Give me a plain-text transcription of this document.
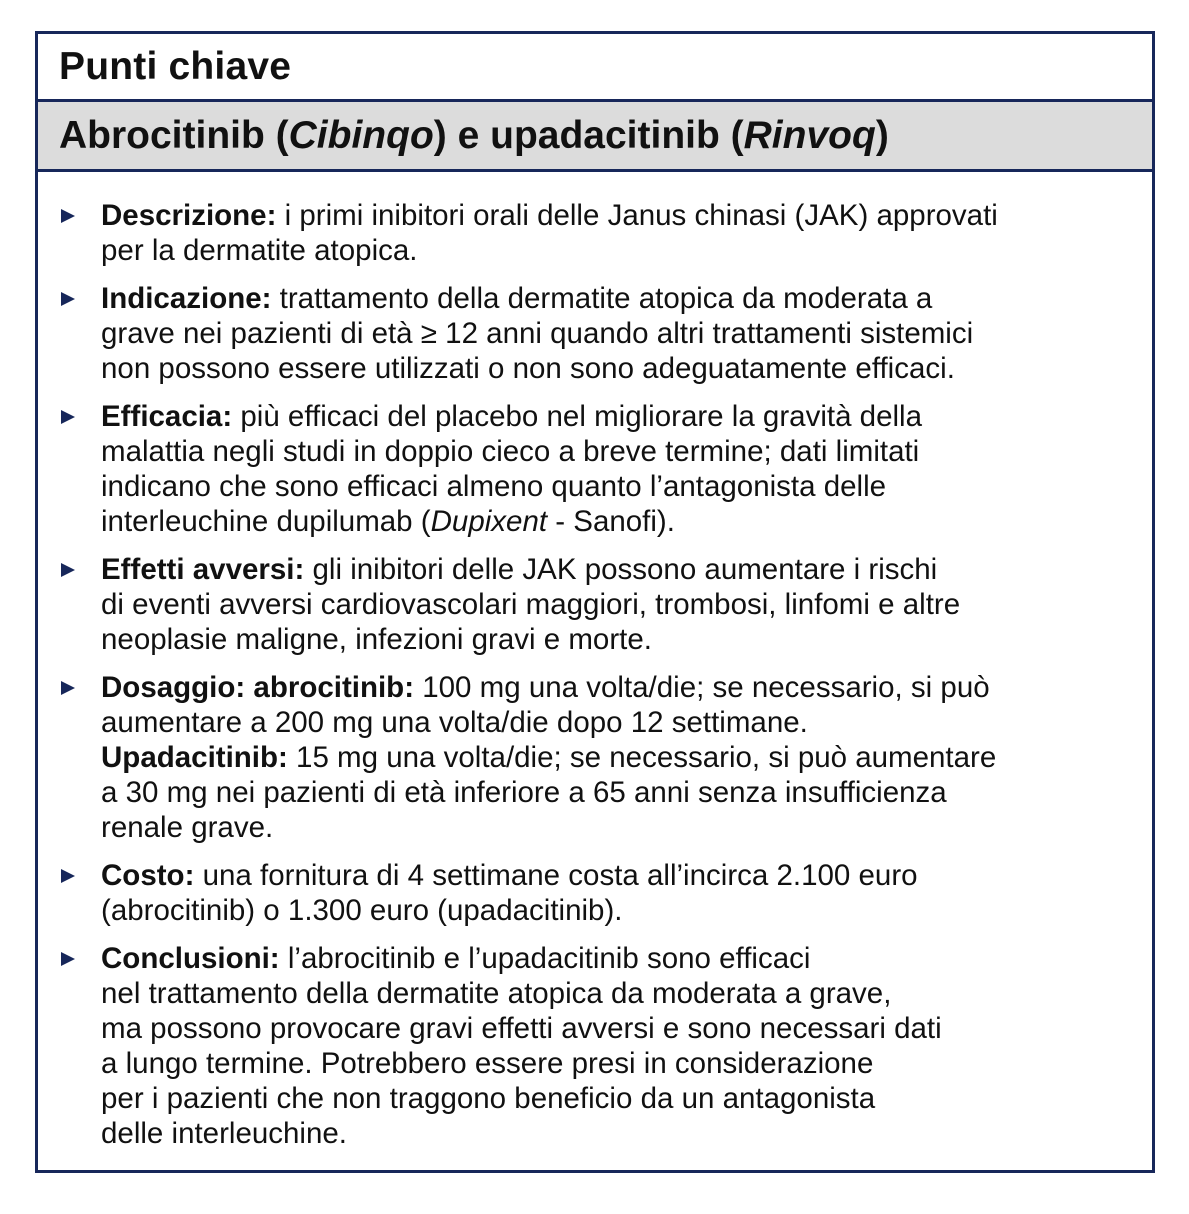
Punti chiave
Abrocitinib (Cibinqo) e upadacitinib (Rinvoq)
Descrizione: i primi inibitori orali delle Janus chinasi (JAK) approvati
per la dermatite atopica.
Indicazione: trattamento della dermatite atopica da moderata a
grave nei pazienti di età ≥ 12 anni quando altri trattamenti sistemici
non possono essere utilizzati o non sono adeguatamente efficaci.
Efficacia: più efficaci del placebo nel migliorare la gravità della
malattia negli studi in doppio cieco a breve termine; dati limitati
indicano che sono efficaci almeno quanto l’antagonista delle
interleuchine dupilumab (Dupixent - Sanofi).
Effetti avversi: gli inibitori delle JAK possono aumentare i rischi
di eventi avversi cardiovascolari maggiori, trombosi, linfomi e altre
neoplasie maligne, infezioni gravi e morte.
Dosaggio: abrocitinib: 100 mg una volta/die; se necessario, si può
aumentare a 200 mg una volta/die dopo 12 settimane.
Upadacitinib: 15 mg una volta/die; se necessario, si può aumentare
a 30 mg nei pazienti di età inferiore a 65 anni senza insufficienza
renale grave.
Costo: una fornitura di 4 settimane costa all’incirca 2.100 euro
(abrocitinib) o 1.300 euro (upadacitinib).
Conclusioni: l’abrocitinib e l’upadacitinib sono efficaci
nel trattamento della dermatite atopica da moderata a grave,
ma possono provocare gravi effetti avversi e sono necessari dati
a lungo termine. Potrebbero essere presi in considerazione
per i pazienti che non traggono beneficio da un antagonista
delle interleuchine.
